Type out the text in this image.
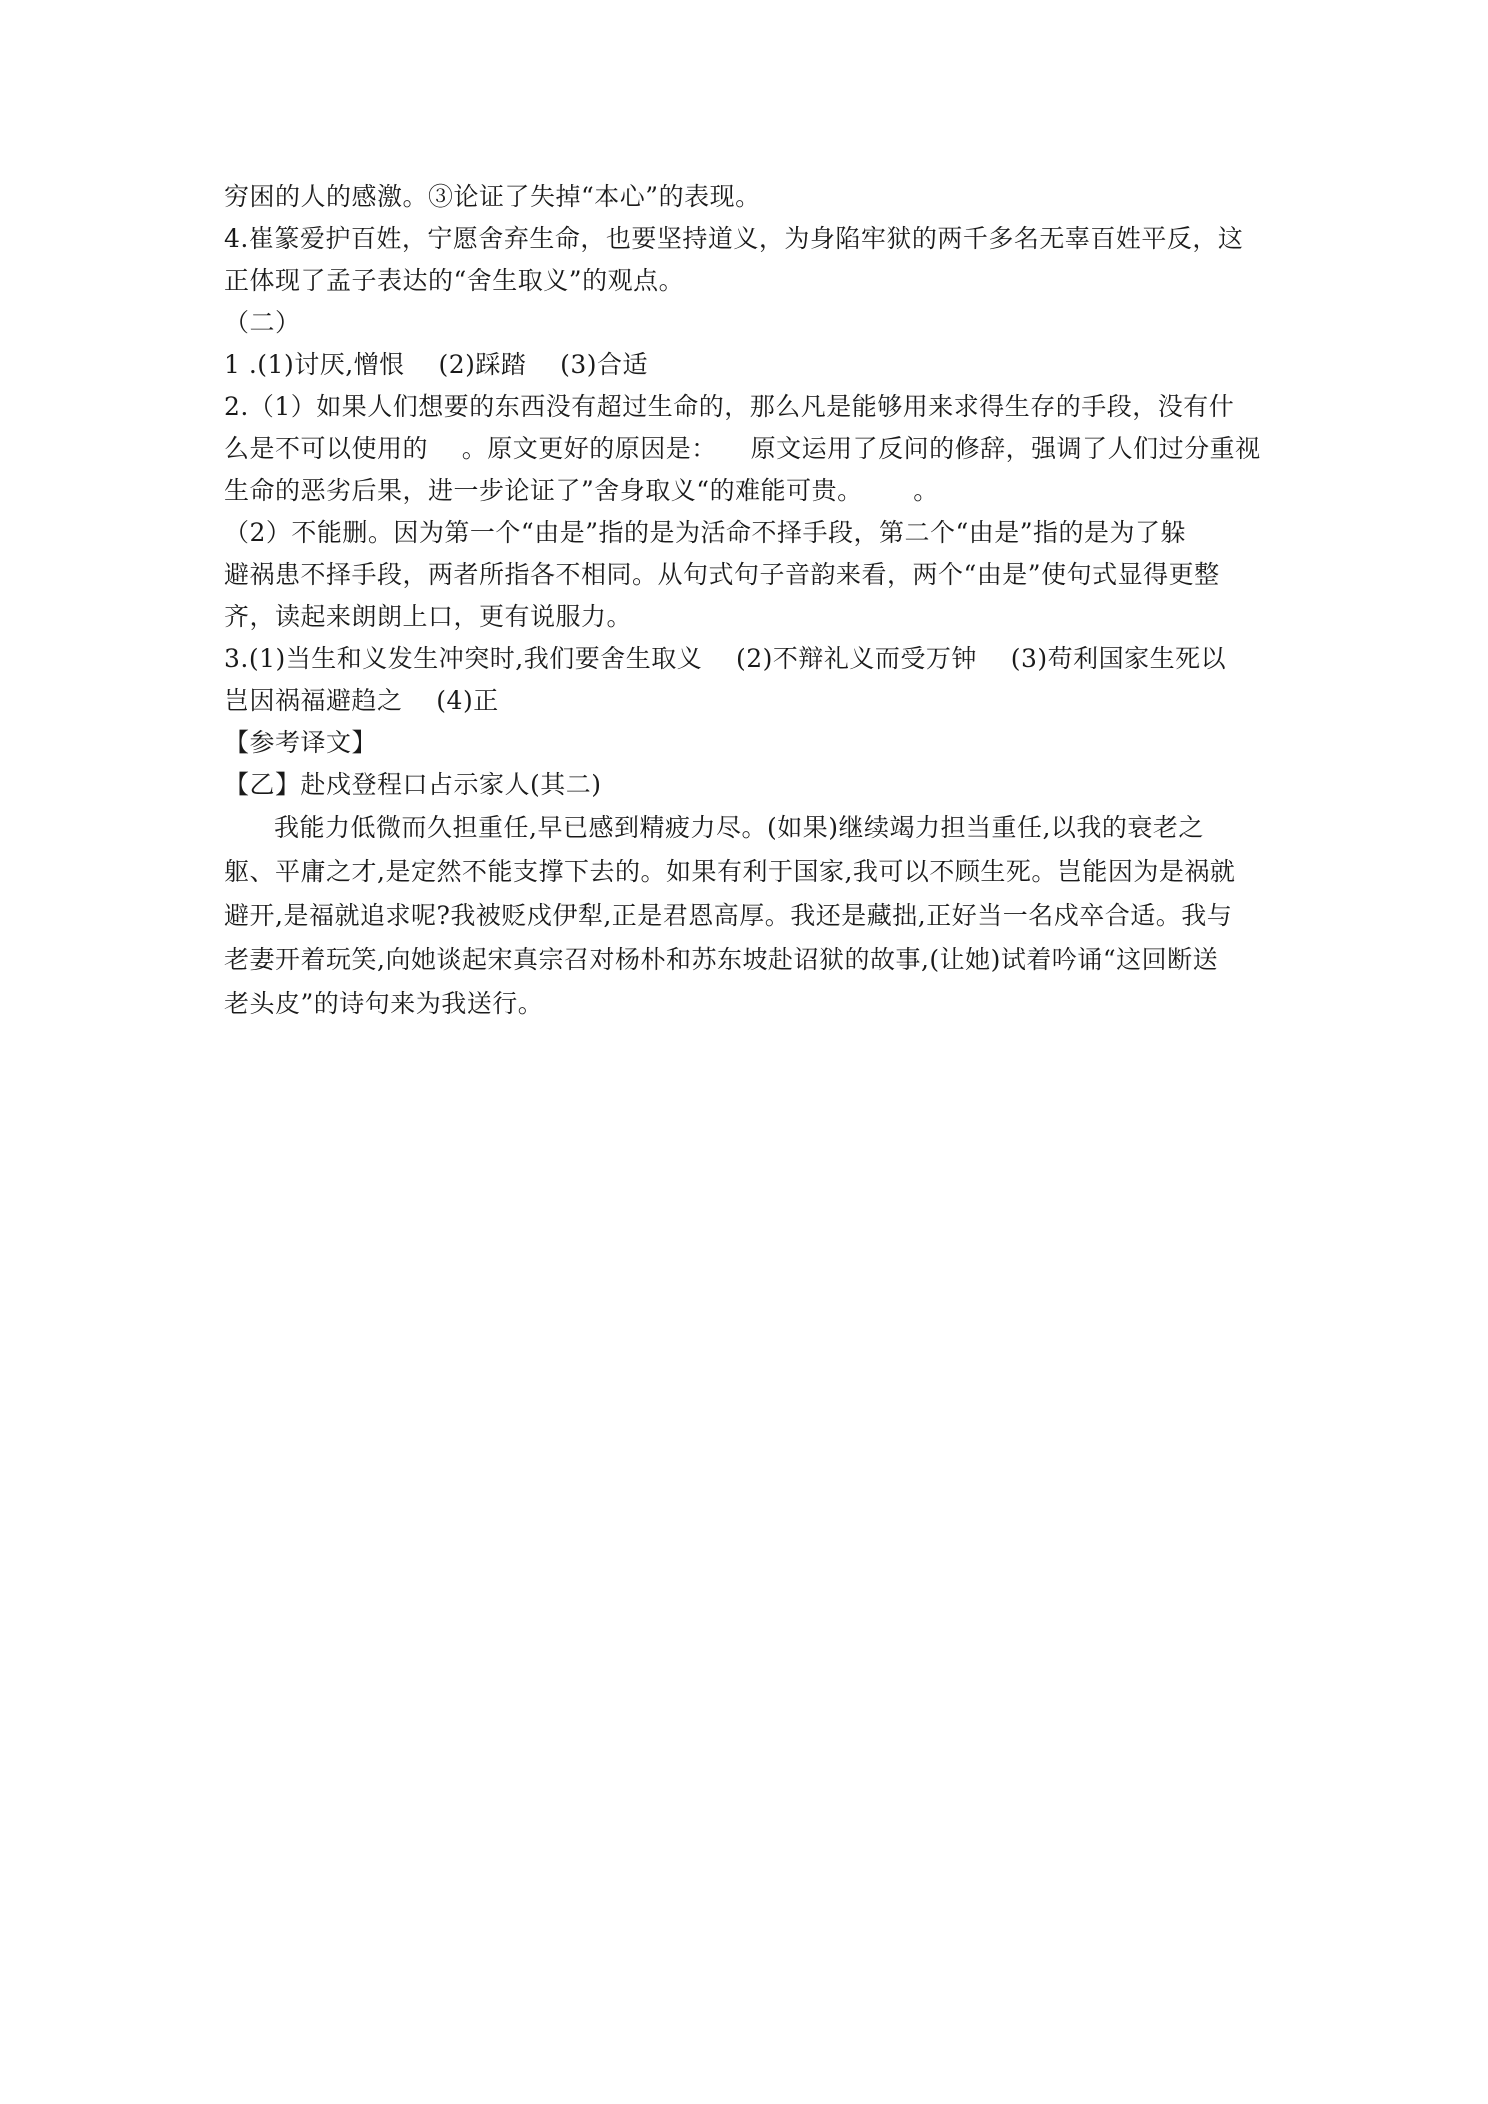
穷困的人的感激。③论证了失掉“本心”的表现。
4.崔篆爱护百姓，宁愿舍弃生命，也要坚持道义，为身陷牢狱的两千多名无辜百姓平反，这
正体现了孟子表达的“舍生取义”的观点。
（二）
1 .(1)讨厌,憎恨    (2)踩踏    (3)合适
2.（1）如果人们想要的东西没有超过生命的，那么凡是能够用来求得生存的手段，没有什
么是不可以使用的    。原文更好的原因是：    原文运用了反问的修辞，强调了人们过分重视
生命的恶劣后果，进一步论证了”舍身取义“的难能可贵。      。
（2）不能删。因为第一个“由是”指的是为活命不择手段，第二个“由是”指的是为了躲
避祸患不择手段，两者所指各不相同。从句式句子音韵来看，两个“由是”使句式显得更整
齐，读起来朗朗上口，更有说服力。
3.(1)当生和义发生冲突时,我们要舍生取义    (2)不辩礼义而受万钟    (3)苟利国家生死以
岂因祸福避趋之    (4)正
【参考译文】
【乙】赴戍登程口占示家人(其二)
我能力低微而久担重任,早已感到精疲力尽。(如果)继续竭力担当重任,以我的衰老之
躯、平庸之才,是定然不能支撑下去的。如果有利于国家,我可以不顾生死。岂能因为是祸就
避开,是福就追求呢?我被贬戍伊犁,正是君恩高厚。我还是藏拙,正好当一名戍卒合适。我与
老妻开着玩笑,向她谈起宋真宗召对杨朴和苏东坡赴诏狱的故事,(让她)试着吟诵“这回断送
老头皮”的诗句来为我送行。
